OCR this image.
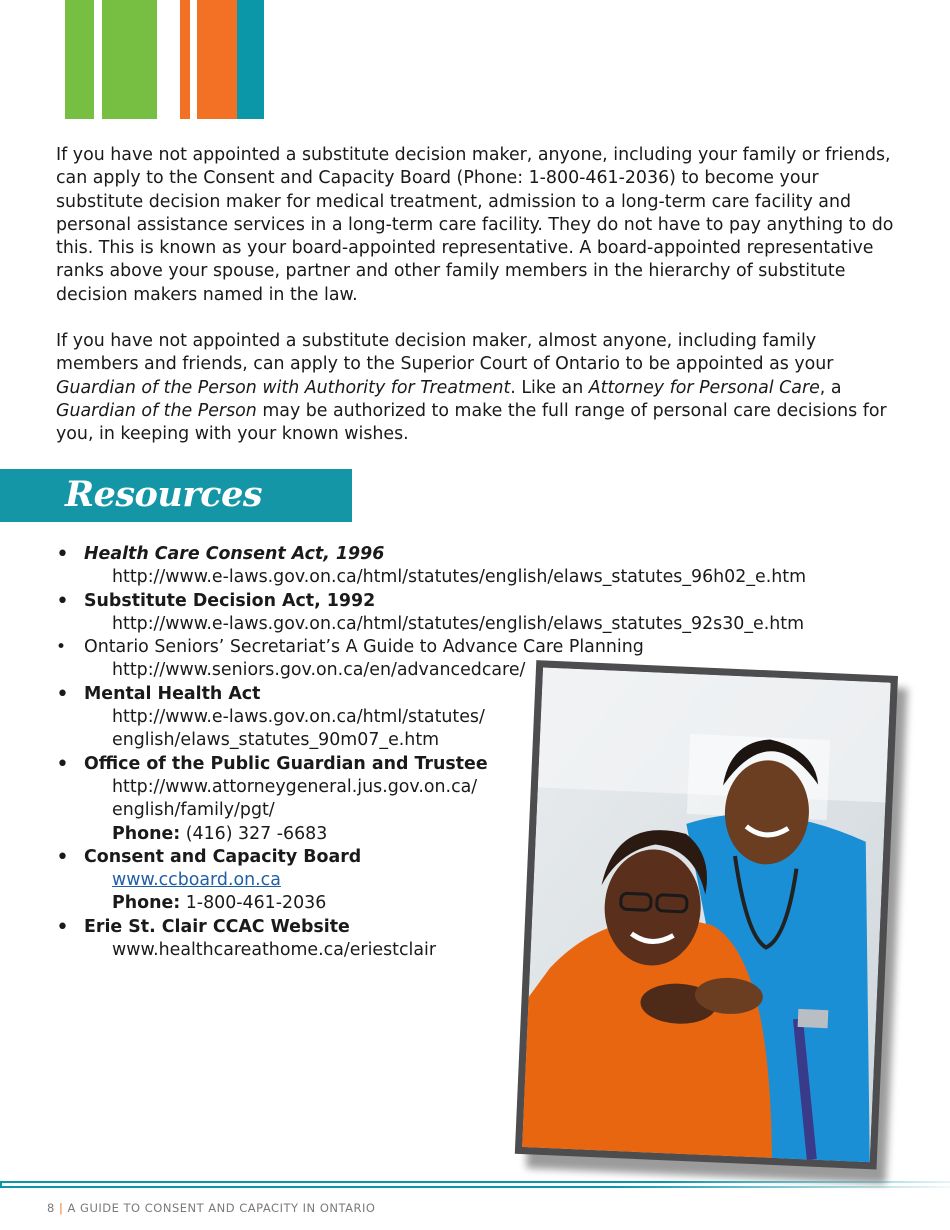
If you have not appointed a substitute decision maker, anyone, including your family or friends, can apply to the Consent and Capacity Board (Phone: 1-800-461-2036) to become your substitute decision maker for medical treatment, admission to a long-term care facility and personal assistance services in a long-term care facility. They do not have to pay anything to do this. This is known as your board-appointed representative. A board-appointed representative ranks above your spouse, partner and other family members in the hierarchy of substitute decision makers named in the law.

If you have not appointed a substitute decision maker, almost anyone, including family members and friends, can apply to the Superior Court of Ontario to be appointed as your Guardian of the Person with Authority for Treatment. Like an Attorney for Personal Care, a Guardian of the Person may be authorized to make the full range of personal care decisions for you, in keeping with your known wishes.

Resources
• Health Care Consent Act, 1996
http://www.e-laws.gov.on.ca/html/statutes/english/elaws_statutes_96h02_e.htm
• Substitute Decision Act, 1992
http://www.e-laws.gov.on.ca/html/statutes/english/elaws_statutes_92s30_e.htm
• Ontario Seniors’ Secretariat’s A Guide to Advance Care Planning
http://www.seniors.gov.on.ca/en/advancedcare/
• Mental Health Act
http://www.e-laws.gov.on.ca/html/statutes/
english/elaws_statutes_90m07_e.htm
• Office of the Public Guardian and Trustee
http://www.attorneygeneral.jus.gov.on.ca/
english/family/pgt/
Phone: (416) 327 -6683
• Consent and Capacity Board
www.ccboard.on.ca
Phone: 1-800-461-2036
• Erie St. Clair CCAC Website
www.healthcareathome.ca/eriestclair
8 | A GUIDE TO CONSENT AND CAPACITY IN ONTARIO
